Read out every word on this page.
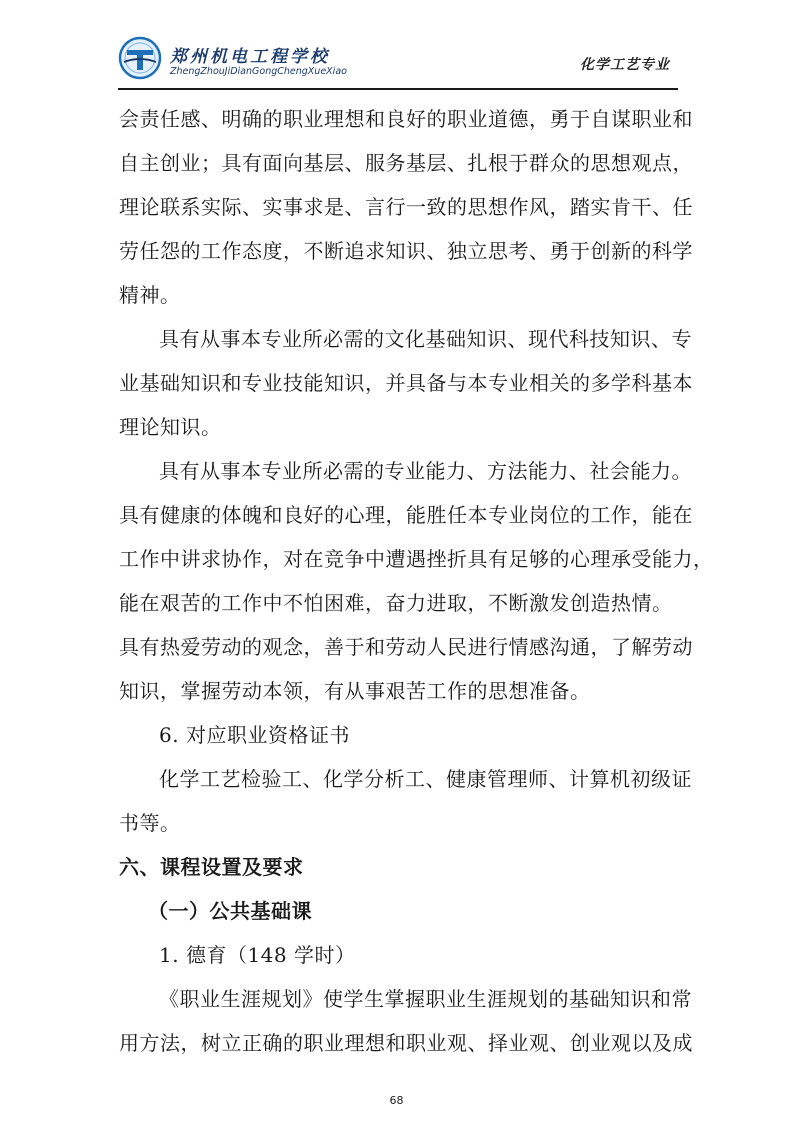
郑州机电工程学校
ZhengZhouJiDianGongChengXueXiao	化学工艺专业
会责任感、明确的职业理想和良好的职业道德，勇于自谋职业和
自主创业；具有面向基层、服务基层、扎根于群众的思想观点，
理论联系实际、实事求是、言行一致的思想作风，踏实肯干、任
劳任怨的工作态度，不断追求知识、独立思考、勇于创新的科学
精神。
具有从事本专业所必需的文化基础知识、现代科技知识、专
业基础知识和专业技能知识，并具备与本专业相关的多学科基本
理论知识。
具有从事本专业所必需的专业能力、方法能力、社会能力。
具有健康的体魄和良好的心理，能胜任本专业岗位的工作，能在
工作中讲求协作，对在竞争中遭遇挫折具有足够的心理承受能力，
能在艰苦的工作中不怕困难，奋力进取，不断激发创造热情。
具有热爱劳动的观念，善于和劳动人民进行情感沟通，了解劳动
知识，掌握劳动本领，有从事艰苦工作的思想准备。
6. 对应职业资格证书
化学工艺检验工、化学分析工、健康管理师、计算机初级证
书等。
六、课程设置及要求
（一）公共基础课
1. 德育（148 学时）
《职业生涯规划》使学生掌握职业生涯规划的基础知识和常
用方法，树立正确的职业理想和职业观、择业观、创业观以及成
68
